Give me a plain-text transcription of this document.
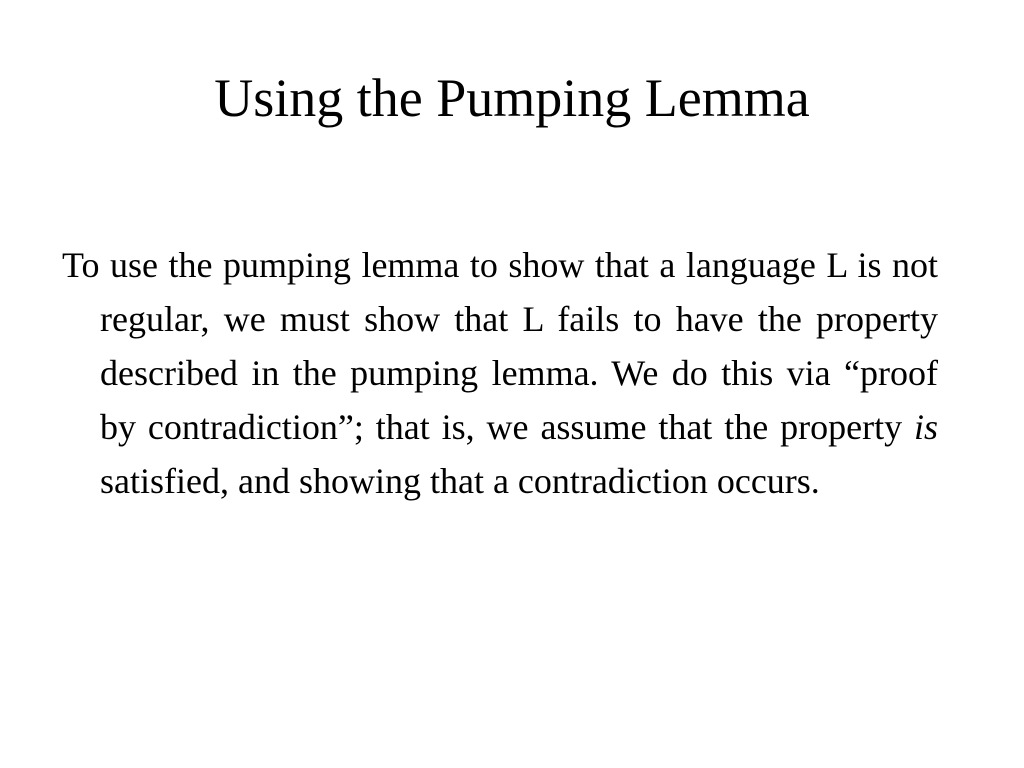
Using the Pumping Lemma

To use the pumping lemma to show that a language L is not regular, we must show that L fails to have the property described in the pumping lemma. We do this via “proof by contradiction”; that is, we assume that the property is satisfied, and showing that a contradiction occurs.
